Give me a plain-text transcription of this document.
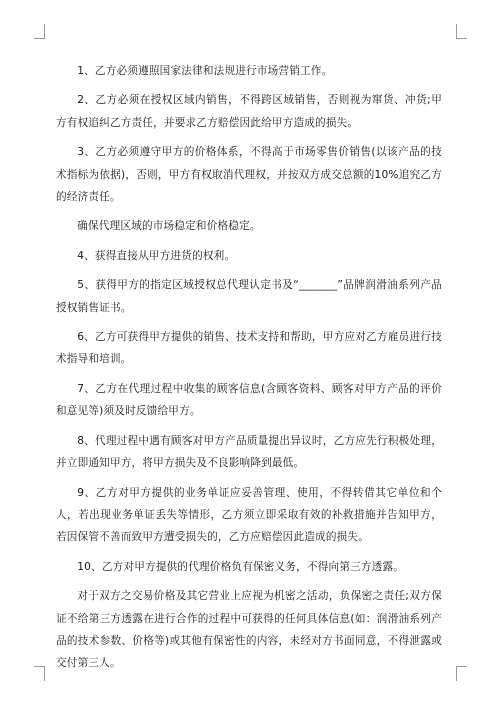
1、乙方必须遵照国家法律和法规进行市场营销工作。

2、乙方必须在授权区域内销售，不得跨区域销售，否则视为窜货、冲货;甲方有权追纠乙方责任，并要求乙方赔偿因此给甲方造成的损失。

3、乙方必须遵守甲方的价格体系，不得高于市场零售价销售(以该产品的技术指标为依据)，否则，甲方有权取消代理权，并按双方成交总额的10%追究乙方的经济责任。

确保代理区域的市场稳定和价格稳定。

4、获得直接从甲方进货的权利。

5、获得甲方的指定区域授权总代理认定书及“_______”品牌润滑油系列产品授权销售证书。

6、乙方可获得甲方提供的销售、技术支持和帮助，甲方应对乙方雇员进行技术指导和培训。

7、乙方在代理过程中收集的顾客信息(含顾客资料、顾客对甲方产品的评价和意见等)须及时反馈给甲方。

8、代理过程中遇有顾客对甲方产品质量提出异议时，乙方应先行积极处理，并立即通知甲方，将甲方损失及不良影响降到最低。

9、乙方对甲方提供的业务单证应妥善管理、使用，不得转借其它单位和个人，若出现业务单证丢失等情形，乙方须立即采取有效的补救措施并告知甲方，若因保管不善而致甲方遭受损失的，乙方应赔偿因此造成的损失。

10、乙方对甲方提供的代理价格负有保密义务，不得向第三方透露。

对于双方之交易价格及其它营业上应视为机密之活动，负保密之责任;双方保证不给第三方透露在进行合作的过程中可获得的任何具体信息(如：润滑油系列产品的技术参数、价格等)或其他有保密性的内容，未经对方书面同意，不得泄露或交付第三人。
